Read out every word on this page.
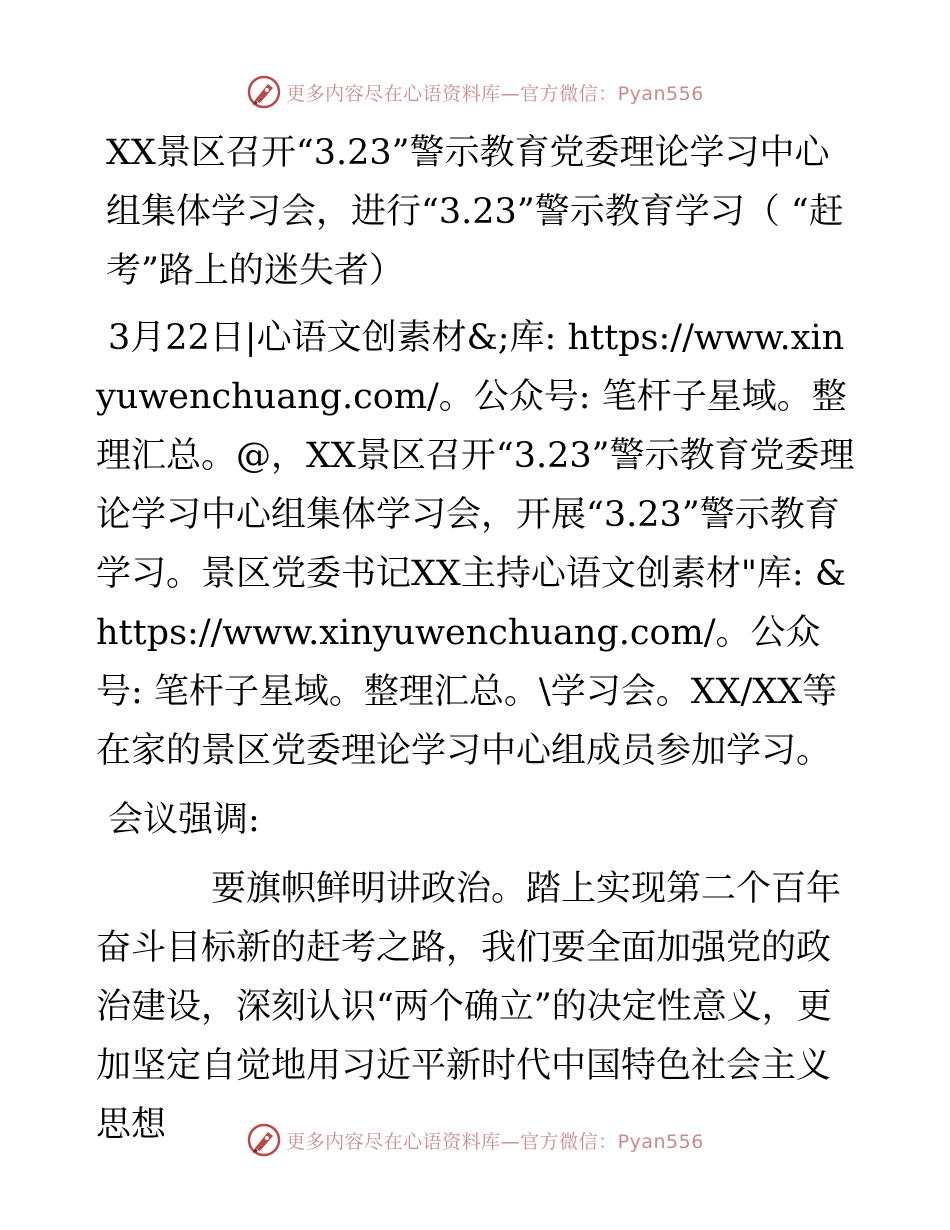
更多内容尽在心语资料库—官方微信：Pyan556

XX景区召开“3.23”警示教育党委理论学习中心组集体学习会，进行“3.23”警示教育学习（ “赶考”路上的迷失者）

3月22日|心语文创素材&;库: https://www.xinyuwenchuang.com/。公众号: 笔杆子星域。整理汇总。@，XX景区召开“3.23”警示教育党委理论学习中心组集体学习会，开展“3.23”警示教育学习。景区党委书记XX主持心语文创素材"库: &https://www.xinyuwenchuang.com/。公众号: 笔杆子星域。整理汇总。\学习会。XX/XX等在家的景区党委理论学习中心组成员参加学习。

会议强调:

要旗帜鲜明讲政治。踏上实现第二个百年奋斗目标新的赶考之路，我们要全面加强党的政治建设，深刻认识“两个确立”的决定性意义，更加坚定自觉地用习近平新时代中国特色社会主义思想	更多内容尽在心语资料库—官方微信：Pyan556
